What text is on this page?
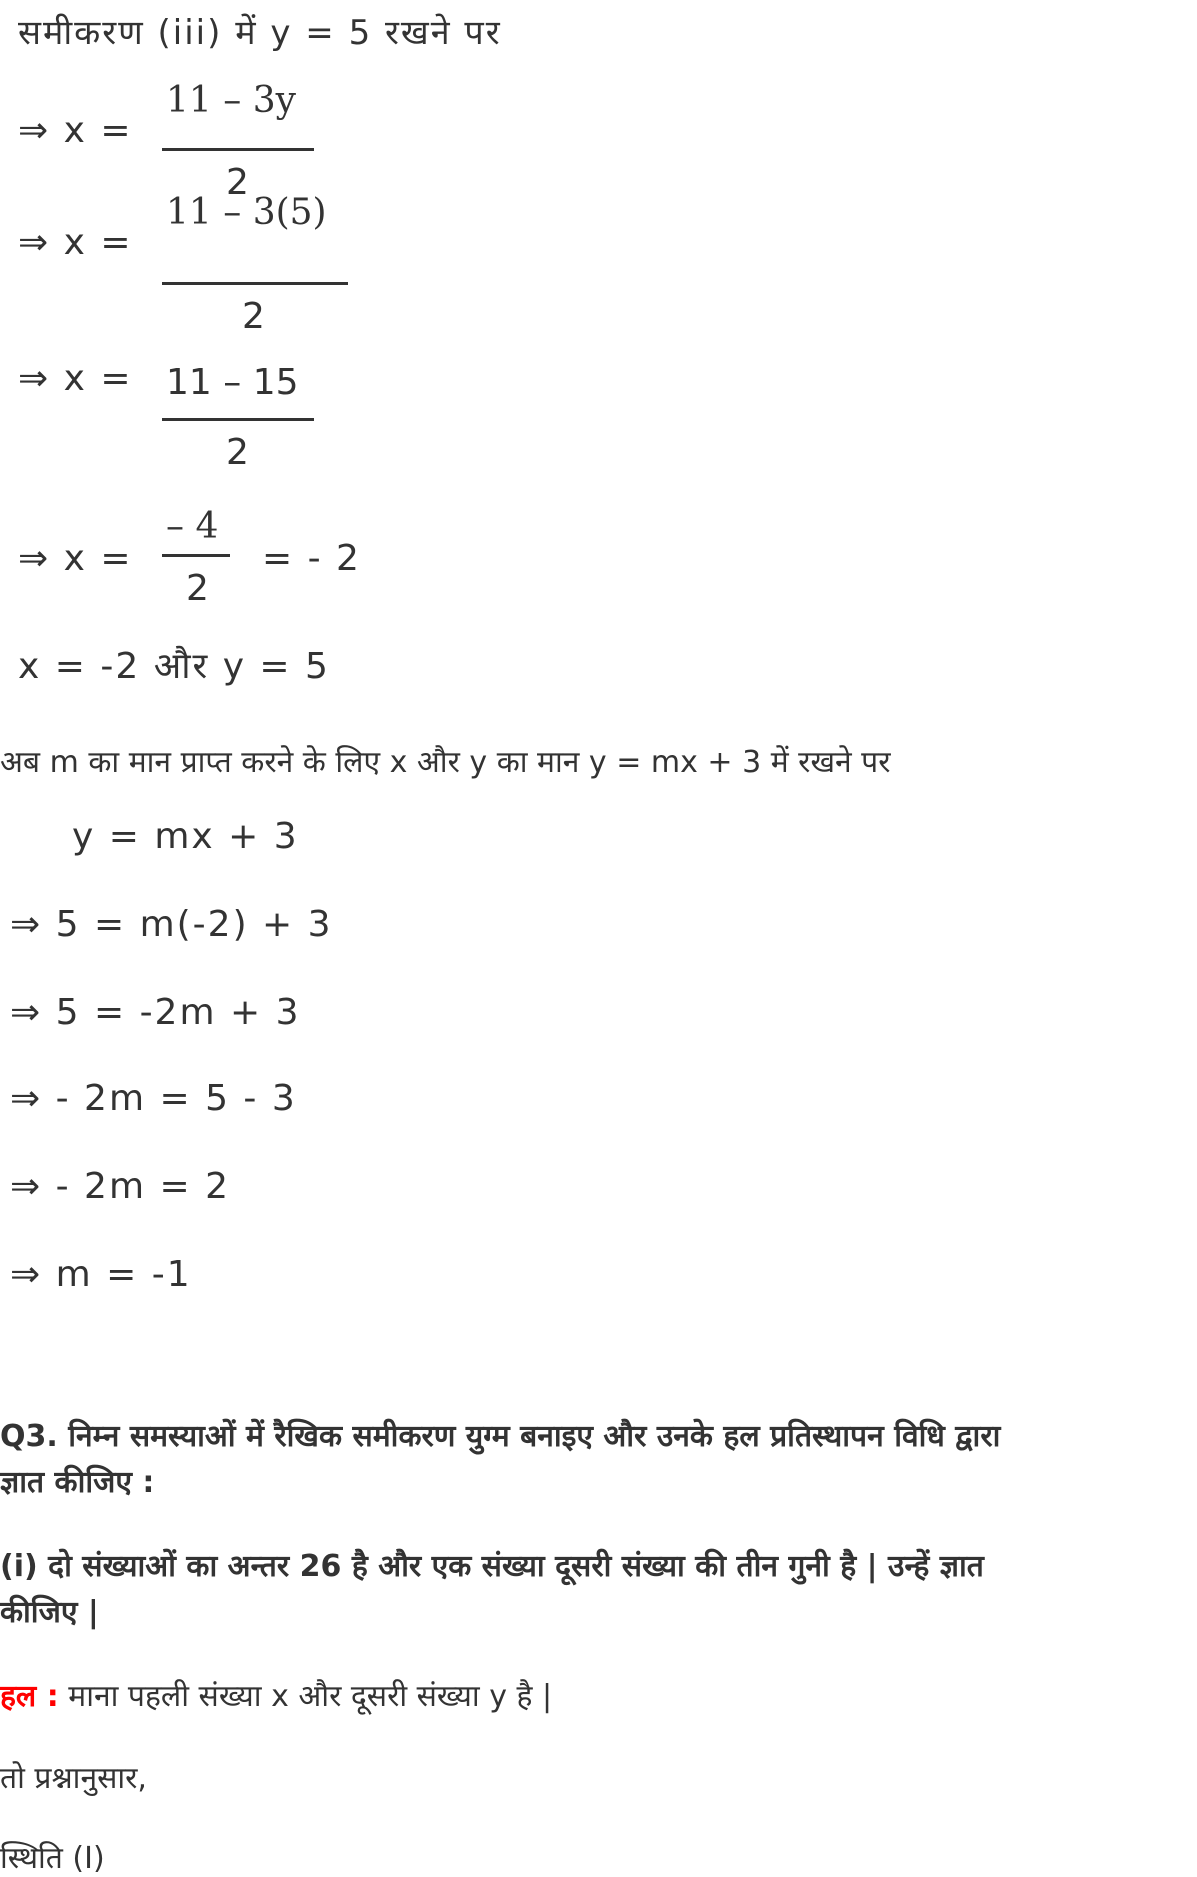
समीकरण (iii) में y = 5 रखने पर
⇒ x =
11 – 3y
2
⇒ x =
11 – 3(5)
2
⇒ x = 11 – 15
2
⇒ x =
– 4
2
= - 2
x = -2 और y = 5
अब m का मान प्राप्त करने के लिए x और y का मान y = mx + 3 में रखने पर
y = mx + 3
⇒ 5 = m(-2) + 3
⇒ 5 = -2m + 3
⇒ - 2m = 5 - 3
⇒ - 2m = 2
⇒ m = -1
Q3. निम्न समस्याओं में रैखिक समीकरण युग्म बनाइए और उनके हल प्रतिस्थापन विधि द्वारा
ज्ञात कीजिए :
(i) दो संख्याओं का अन्तर 26 है और एक संख्या दूसरी संख्या की तीन गुनी है | उन्हें ज्ञात
कीजिए |
हल : माना पहली संख्या x और दूसरी संख्या y है |
तो प्रश्नानुसार,
स्थिति (I)
